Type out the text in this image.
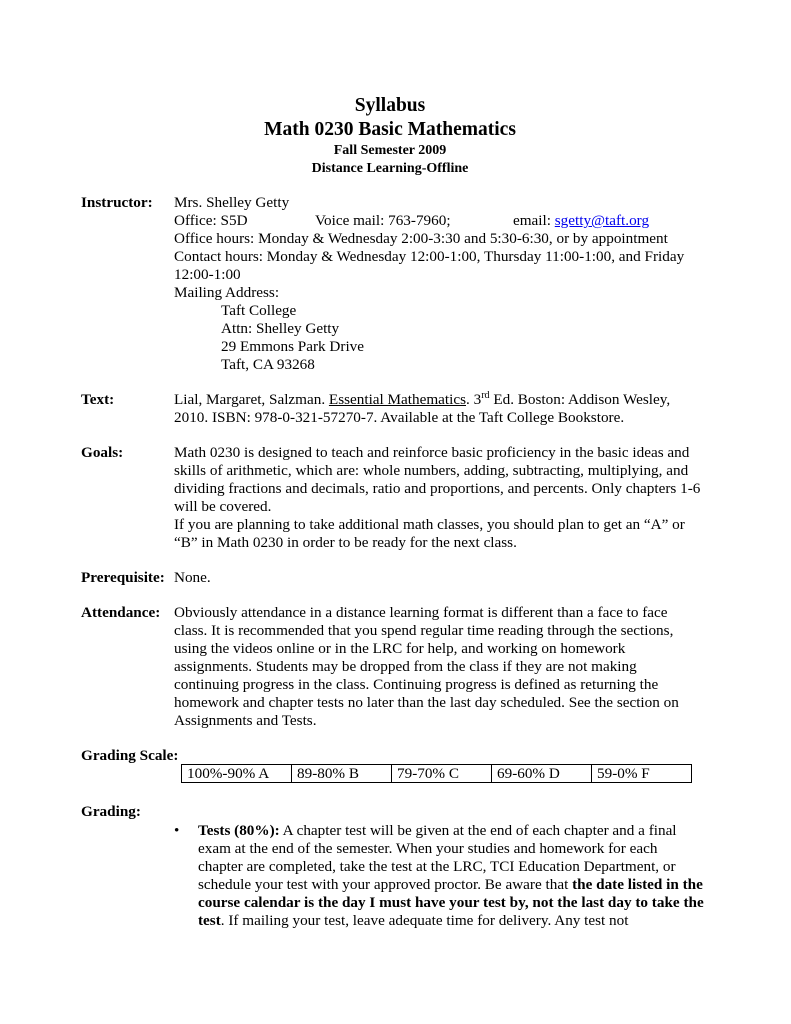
Syllabus
Math 0230 Basic Mathematics
Fall Semester 2009
Distance Learning-Offline
Instructor: Mrs. Shelley Getty
Office: S5D	Voice mail: 763-7960;	email: sgetty@taft.org
Office hours: Monday & Wednesday 2:00-3:30 and 5:30-6:30, or by appointment
Contact hours: Monday & Wednesday 12:00-1:00, Thursday 11:00-1:00, and Friday 12:00-1:00
Mailing Address:
Taft College
Attn: Shelley Getty
29 Emmons Park Drive
Taft, CA 93268
Text:	Lial, Margaret, Salzman. Essential Mathematics. 3rd Ed. Boston: Addison Wesley, 2010. ISBN: 978-0-321-57270-7. Available at the Taft College Bookstore.
Goals:	Math 0230 is designed to teach and reinforce basic proficiency in the basic ideas and skills of arithmetic, which are: whole numbers, adding, subtracting, multiplying, and dividing fractions and decimals, ratio and proportions, and percents. Only chapters 1-6 will be covered.
If you are planning to take additional math classes, you should plan to get an “A” or “B” in Math 0230 in order to be ready for the next class.
Prerequisite: None.
Attendance: Obviously attendance in a distance learning format is different than a face to face class. It is recommended that you spend regular time reading through the sections, using the videos online or in the LRC for help, and working on homework assignments. Students may be dropped from the class if they are not making continuing progress in the class. Continuing progress is defined as returning the homework and chapter tests no later than the last day scheduled. See the section on Assignments and Tests.
Grading Scale:
100%-90% A	89-80% B	79-70% C	69-60% D	59-0% F
Grading:
• Tests (80%): A chapter test will be given at the end of each chapter and a final exam at the end of the semester. When your studies and homework for each chapter are completed, take the test at the LRC, TCI Education Department, or schedule your test with your approved proctor. Be aware that the date listed in the course calendar is the day I must have your test by, not the last day to take the test. If mailing your test, leave adequate time for delivery. Any test not
